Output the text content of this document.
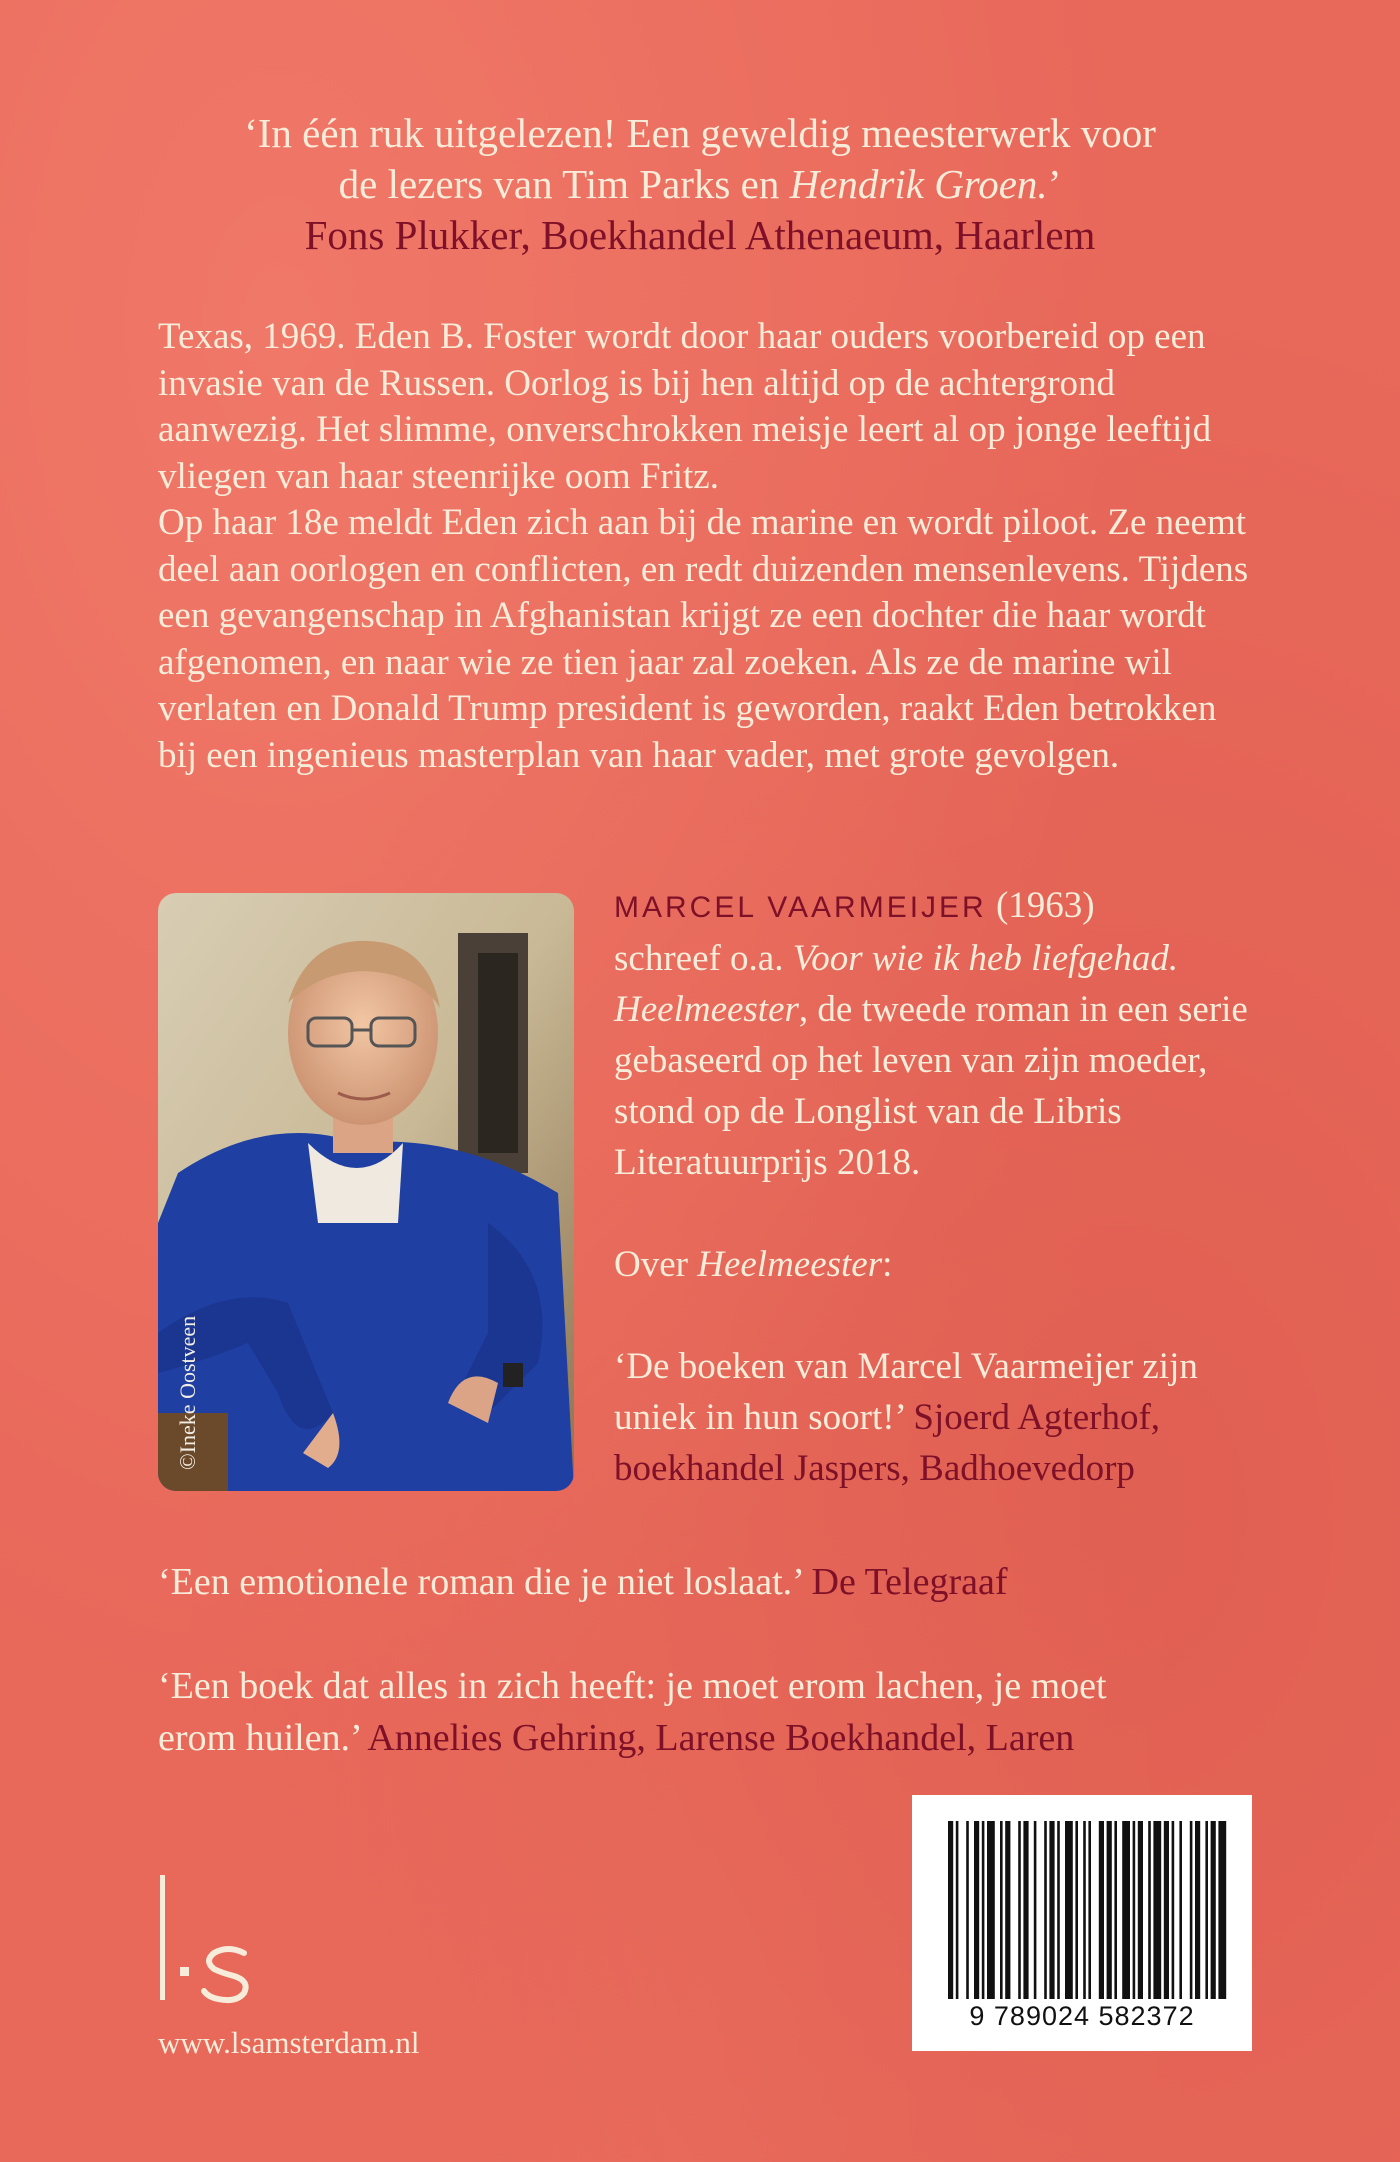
‘In één ruk uitgelezen! Een geweldig meesterwerk voor
de lezers van Tim Parks en Hendrik Groen.’
Fons Plukker, Boekhandel Athenaeum, Haarlem

Texas, 1969. Eden B. Foster wordt door haar ouders voorbereid op een invasie van de Russen. Oorlog is bij hen altijd op de achtergrond aanwezig. Het slimme, onverschrokken meisje leert al op jonge leeftijd vliegen van haar steenrijke oom Fritz.

Op haar 18e meldt Eden zich aan bij de marine en wordt piloot. Ze neemt deel aan oorlogen en conflicten, en redt duizenden mensenlevens. Tijdens een gevangenschap in Afghanistan krijgt ze een dochter die haar wordt afgenomen, en naar wie ze tien jaar zal zoeken. Als ze de marine wil verlaten en Donald Trump president is geworden, raakt Eden betrokken bij een ingenieus masterplan van haar vader, met grote gevolgen.

©Ineke Oostveen

MARCEL VAARMEIJER (1963)
schreef o.a. Voor wie ik heb liefgehad. Heelmeester, de tweede roman in een serie gebaseerd op het leven van zijn moeder, stond op de Longlist van de Libris Literatuurprijs 2018.

Over Heelmeester:

‘De boeken van Marcel Vaarmeijer zijn uniek in hun soort!’ Sjoerd Agterhof, boekhandel Jaspers, Badhoevedorp

‘Een emotionele roman die je niet loslaat.’ De Telegraaf

‘Een boek dat alles in zich heeft: je moet erom lachen, je moet erom huilen.’ Annelies Gehring, Larense Boekhandel, Laren

www.lsamsterdam.nl
9 789024 582372
